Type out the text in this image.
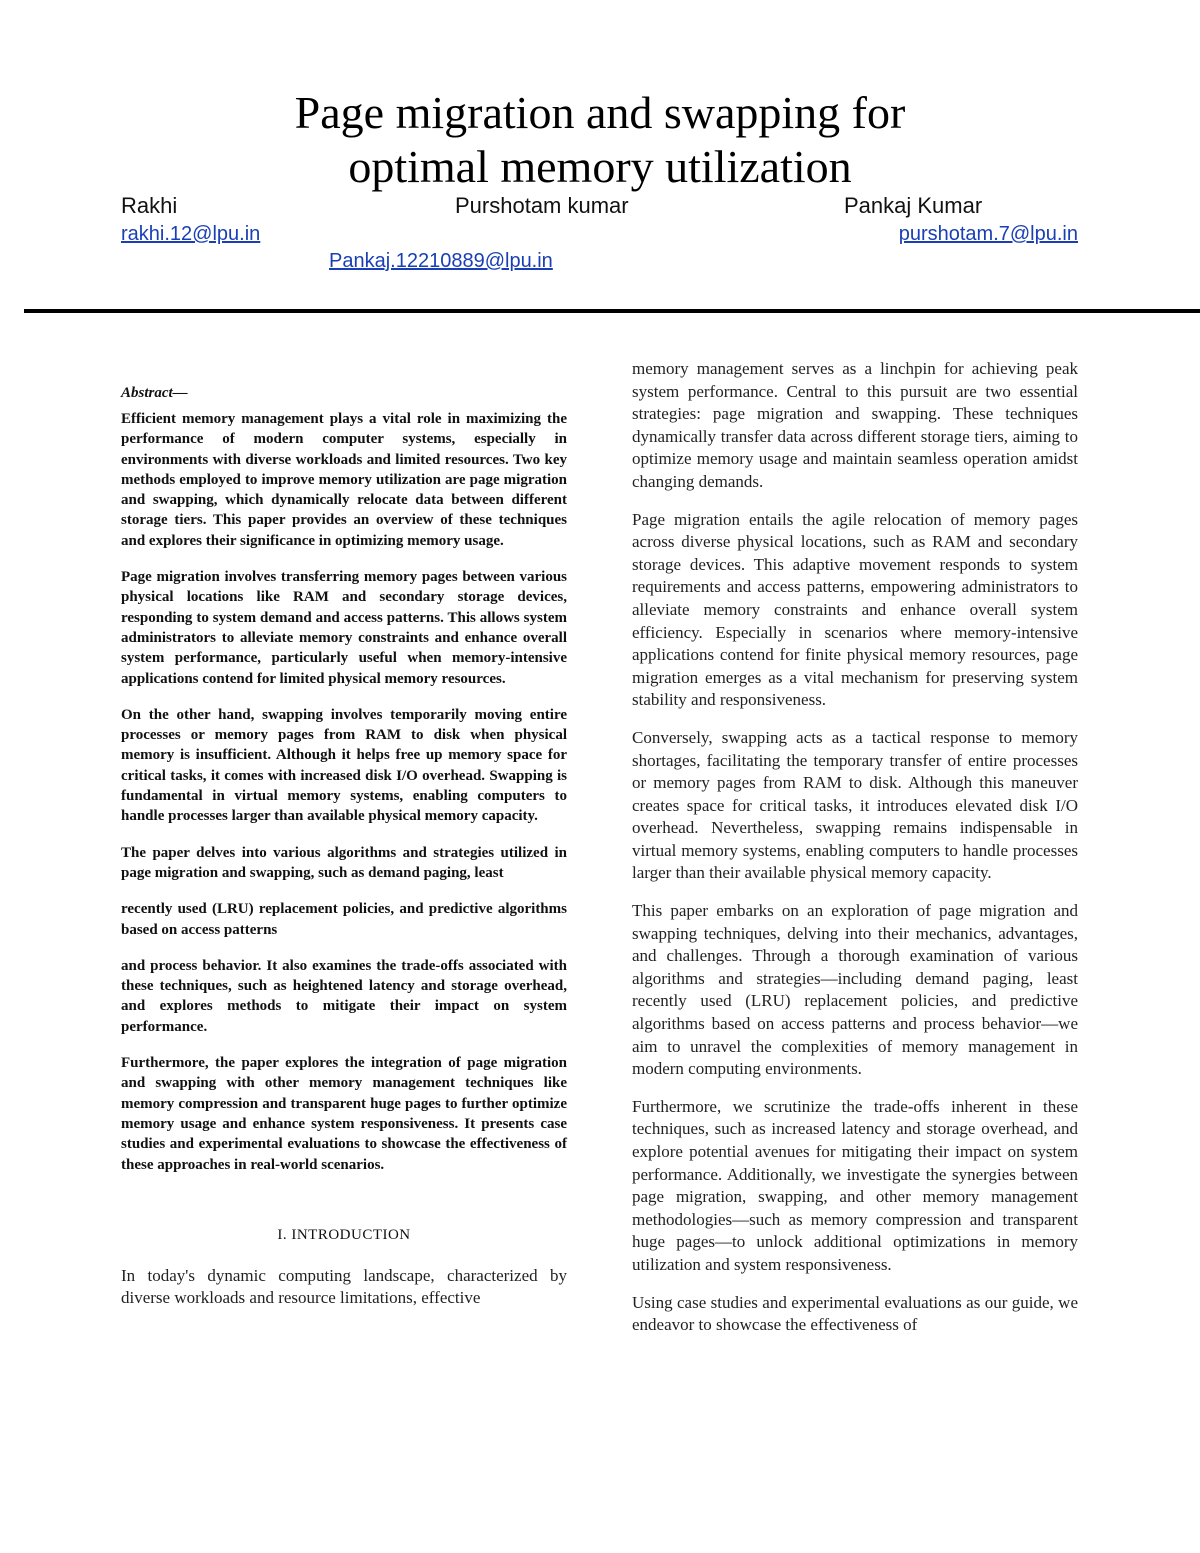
Page migration and swapping for
optimal memory utilization
Rakhi	Purshotam kumar	Pankaj Kumar
rakhi.12@lpu.in	purshotam.7@lpu.in
Pankaj.12210889@lpu.in
Abstract—

Efficient memory management plays a vital role in maximizing the performance of modern computer systems, especially in environments with diverse workloads and limited resources. Two key methods employed to improve memory utilization are page migration and swapping, which dynamically relocate data between different storage tiers. This paper provides an overview of these techniques and explores their significance in optimizing memory usage.

Page migration involves transferring memory pages between various physical locations like RAM and secondary storage devices, responding to system demand and access patterns. This allows system administrators to alleviate memory constraints and enhance overall system performance, particularly useful when memory-intensive applications contend for limited physical memory resources.

On the other hand, swapping involves temporarily moving entire processes or memory pages from RAM to disk when physical memory is insufficient. Although it helps free up memory space for critical tasks, it comes with increased disk I/O overhead. Swapping is fundamental in virtual memory systems, enabling computers to handle processes larger than available physical memory capacity.

The paper delves into various algorithms and strategies utilized in page migration and swapping, such as demand paging, least

recently used (LRU) replacement policies, and predictive algorithms based on access patterns

and process behavior. It also examines the trade-offs associated with these techniques, such as heightened latency and storage overhead, and explores methods to mitigate their impact on system performance.

Furthermore, the paper explores the integration of page migration and swapping with other memory management techniques like memory compression and transparent huge pages to further optimize memory usage and enhance system responsiveness. It presents case studies and experimental evaluations to showcase the effectiveness of these approaches in real-world scenarios.

I. INTRODUCTION

In today's dynamic computing landscape, characterized by diverse workloads and resource limitations, effective

memory management serves as a linchpin for achieving peak system performance. Central to this pursuit are two essential strategies: page migration and swapping. These techniques dynamically transfer data across different storage tiers, aiming to optimize memory usage and maintain seamless operation amidst changing demands.

Page migration entails the agile relocation of memory pages across diverse physical locations, such as RAM and secondary storage devices. This adaptive movement responds to system requirements and access patterns, empowering administrators to alleviate memory constraints and enhance overall system efficiency. Especially in scenarios where memory-intensive applications contend for finite physical memory resources, page migration emerges as a vital mechanism for preserving system stability and responsiveness.

Conversely, swapping acts as a tactical response to memory shortages, facilitating the temporary transfer of entire processes or memory pages from RAM to disk. Although this maneuver creates space for critical tasks, it introduces elevated disk I/O overhead. Nevertheless, swapping remains indispensable in virtual memory systems, enabling computers to handle processes larger than their available physical memory capacity.

This paper embarks on an exploration of page migration and swapping techniques, delving into their mechanics, advantages, and challenges. Through a thorough examination of various algorithms and strategies—including demand paging, least recently used (LRU) replacement policies, and predictive algorithms based on access patterns and process behavior—we aim to unravel the complexities of memory management in modern computing environments.

Furthermore, we scrutinize the trade-offs inherent in these techniques, such as increased latency and storage overhead, and explore potential avenues for mitigating their impact on system performance. Additionally, we investigate the synergies between page migration, swapping, and other memory management methodologies—such as memory compression and transparent huge pages—to unlock additional optimizations in memory utilization and system responsiveness.

Using case studies and experimental evaluations as our guide, we endeavor to showcase the effectiveness of
